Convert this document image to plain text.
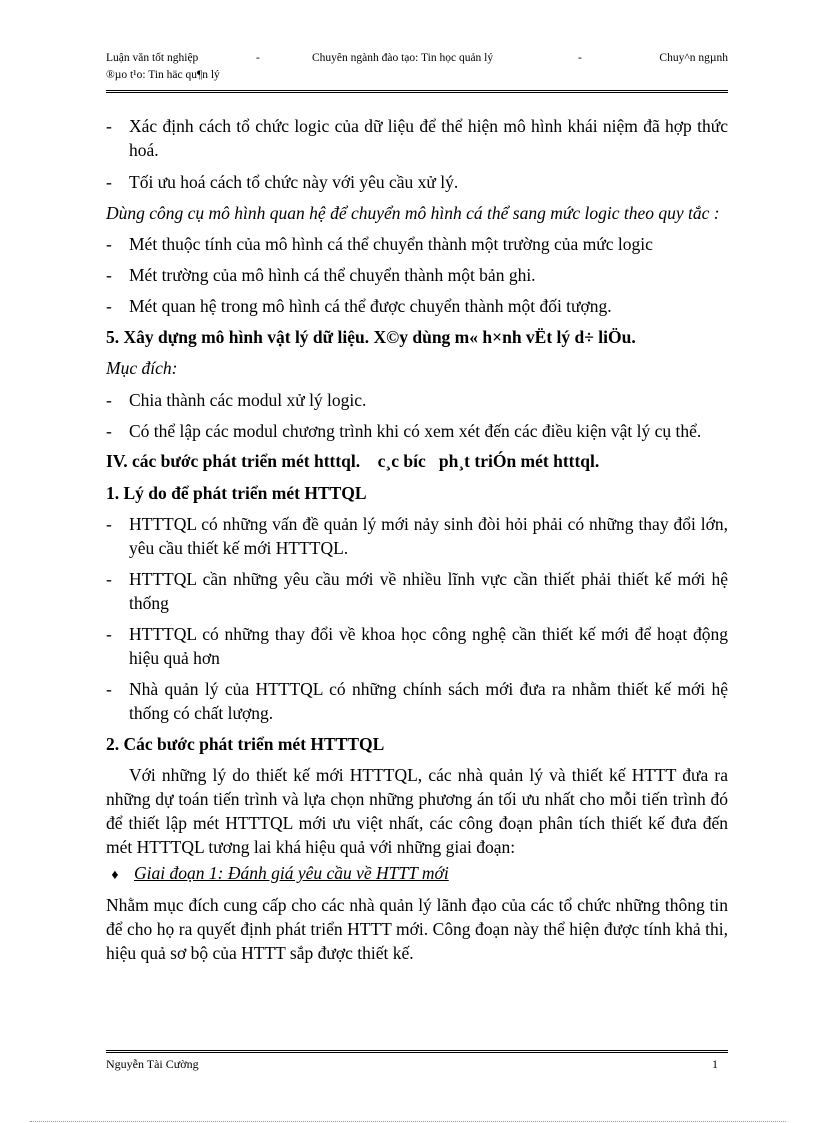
Luận văn tốt nghiệp	-	Chuyên ngành đào tạo: Tin học quản lý	-	Chuy^n ngµnh
®µo t¹o: Tin häc qu¶n lý
- Xác định cách tổ chức logic của dữ liệu để thể hiện mô hình khái niệm đã hợp thức hoá.
- Tối ưu hoá cách tổ chức này với yêu cầu xử lý.
Dùng công cụ mô hình quan hệ để chuyển mô hình cá thể sang mức logic theo quy tắc :
- Mét thuộc tính của mô hình cá thể chuyển thành một trường của mức logic
- Mét trường của mô hình cá thể chuyển thành một bản ghi.
- Mét quan hệ trong mô hình cá thể được chuyển thành một đối tượng.
5. Xây dựng mô hình vật lý dữ liệu. X©y dùng m« h×nh vËt lý d÷ liÖu.
Mục đích:
- Chia thành các modul xử lý logic.
- Có thể lập các modul chương trình khi có xem xét đến các điều kiện vật lý cụ thể.
IV. các bước phát triển mét htttql.    c¸c bíc   ph¸t triÓn mét htttql.
1. Lý do để phát triển mét HTTQL
- HTTTQL có những vấn đề quản lý mới nảy sinh đòi hỏi phải có những thay đổi lớn, yêu cầu thiết kế mới HTTTQL.
- HTTTQL cần những yêu cầu mới về nhiều lĩnh vực cần thiết phải thiết kế mới hệ thống
- HTTTQL có những thay đổi về khoa học công nghệ cần thiết kế mới để hoạt động hiệu quả hơn
- Nhà quản lý của HTTTQL có những chính sách mới đưa ra nhằm thiết kế mới hệ thống có chất lượng.
2. Các bước phát triển mét HTTTQL
Với những lý do thiết kế mới HTTTQL, các nhà quản lý và thiết kế HTTT đưa ra những dự toán tiến trình và lựa chọn những phương án tối ưu nhất cho mỗi tiến trình đó để thiết lập mét HTTTQL mới ưu việt nhất, các công đoạn phân tích thiết kế đưa đến mét HTTTQL tương lai khá hiệu quả với những giai đoạn:
♦ Giai đoạn 1: Đánh giá yêu cầu về HTTT mới
Nhằm mục đích cung cấp cho các nhà quản lý lãnh đạo của các tổ chức những thông tin để cho họ ra quyết định phát triển HTTT mới. Công đoạn này thể hiện được tính khả thi, hiệu quả sơ bộ của HTTT sắp được thiết kế.
Nguyễn Tài Cường	1
